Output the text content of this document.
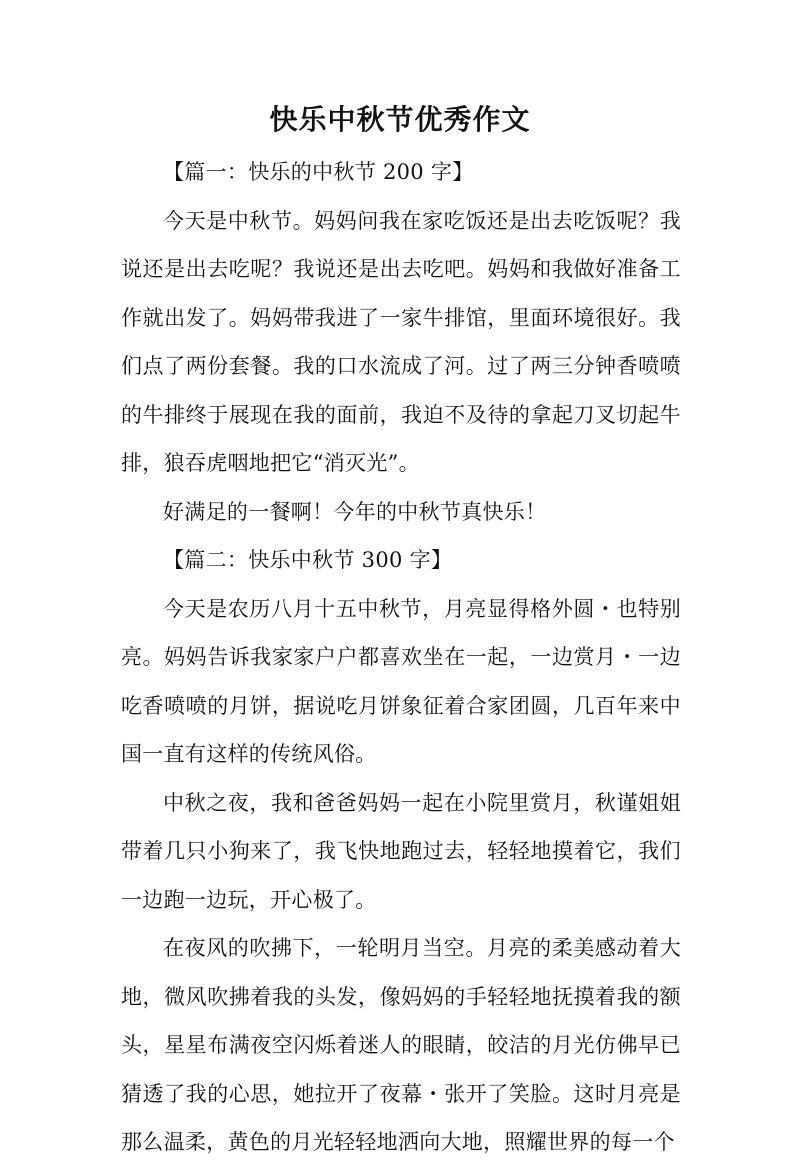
快乐中秋节优秀作文

【篇一：快乐的中秋节 200 字】

今天是中秋节。妈妈问我在家吃饭还是出去吃饭呢？我说还是出去吃呢？我说还是出去吃吧。妈妈和我做好准备工作就出发了。妈妈带我进了一家牛排馆，里面环境很好。我们点了两份套餐。我的口水流成了河。过了两三分钟香喷喷的牛排终于展现在我的面前，我迫不及待的拿起刀叉切起牛排，狼吞虎咽地把它“消灭光”。

好满足的一餐啊！今年的中秋节真快乐！

【篇二：快乐中秋节 300 字】

今天是农历八月十五中秋节，月亮显得格外圆・也特别亮。妈妈告诉我家家户户都喜欢坐在一起，一边赏月・一边吃香喷喷的月饼，据说吃月饼象征着合家团圆，几百年来中国一直有这样的传统风俗。

中秋之夜，我和爸爸妈妈一起在小院里赏月，秋谨姐姐带着几只小狗来了，我飞快地跑过去，轻轻地摸着它，我们一边跑一边玩，开心极了。

在夜风的吹拂下，一轮明月当空。月亮的柔美感动着大地，微风吹拂着我的头发，像妈妈的手轻轻地抚摸着我的额头，星星布满夜空闪烁着迷人的眼睛，皎洁的月光仿佛早已猜透了我的心思，她拉开了夜幕・张开了笑脸。这时月亮是那么温柔，黄色的月光轻轻地洒向大地，照耀世界的每一个
